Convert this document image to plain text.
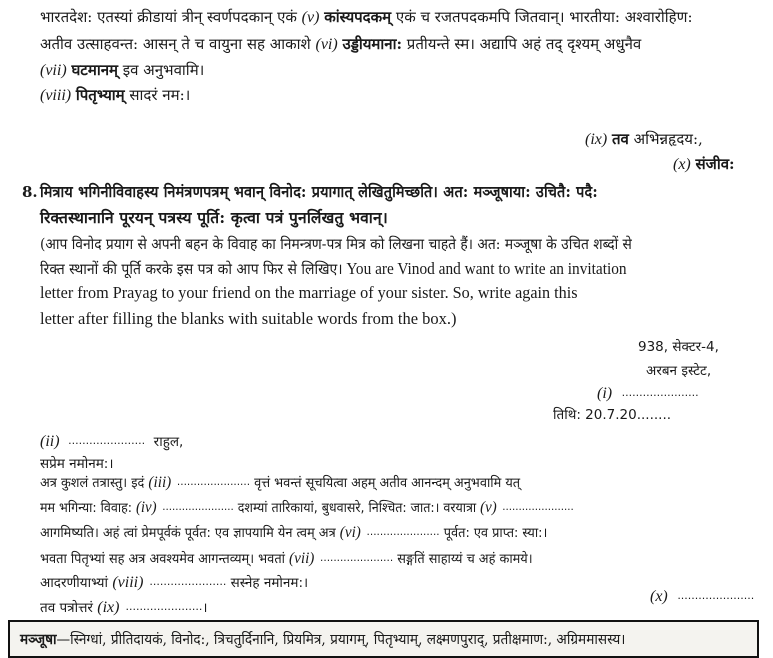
भारतदेश: एतस्यां क्रीडायां त्रीन् स्वर्णपदकान् एकं (v) कांस्यपदकम् एकं च रजतपदकमपि जितवान्। भारतीया: अश्वारोहिण:
अतीव उत्साहवन्त: आसन् ते च वायुना सह आकाशे (vi) उड्डीयमाना: प्रतीयन्ते स्म। अद्यापि अहं तद् दृश्यम् अधुनैव
(vii) घटमानम् इव अनुभवामि।
(viii) पितृभ्याम् सादरं नम:।
(ix) तव अभिन्नहृदय:,
(x) संजीव:
8. मित्राय भगिनीविवाहस्य निमंत्रणपत्रम् भवान् विनोद: प्रयागात् लेखितुमिच्छति। अत: मञ्जूषाया: उचितै: पदै:
रिक्तस्थानानि पूरयन् पत्रस्य पूर्ति: कृत्वा पत्रं पुनर्लिखतु भवान्।
(आप विनोद प्रयाग से अपनी बहन के विवाह का निमन्त्रण-पत्र मित्र को लिखना चाहते हैं। अत: मञ्जूषा के उचित शब्दों से
रिक्त स्थानों की पूर्ति करके इस पत्र को आप फिर से लिखिए। You are Vinod and want to write an invitation
letter from Prayag to your friend on the marriage of your sister. So, write again this
letter after filling the blanks with suitable words from the box.)
938, सेक्टर-4,
अरबन इस्टेट,
(i) ......................
तिथि: 20.7.20........
(ii) ...................... राहुल,
सप्रेम नमोनम:।
अत्र कुशलं तत्रास्तु। इदं (iii) ...................... वृत्तं भवन्तं सूचयित्वा अहम् अतीव आनन्दम् अनुभवामि यत्
मम भगिन्या: विवाह: (iv) ...................... दशम्यां तारिकायां, बुधवासरे, निश्चित: जात:। वरयात्रा (v) ......................
आगमिष्यति। अहं त्वां प्रेमपूर्वकं पूर्वत: एव ज्ञापयामि येन त्वम् अत्र (vi) ...................... पूर्वत: एव प्राप्त: स्या:।
भवता पितृभ्यां सह अत्र अवश्यमेव आगन्तव्यम्। भवतां (vii) ...................... सङ्गतिं साहाय्यं च अहं कामये।
आदरणीयाभ्यां (viii) ...................... सस्नेह नमोनम:।
तव पत्रोत्तरं (ix) ......................।
(x) ......................
मञ्जूषा—स्निग्धां, प्रीतिदायकं, विनोद:, त्रिचतुर्दिनानि, प्रियमित्र, प्रयागम्, पितृभ्याम्, लक्ष्मणपुराद्, प्रतीक्षमाण:, अग्रिममासस्य।
